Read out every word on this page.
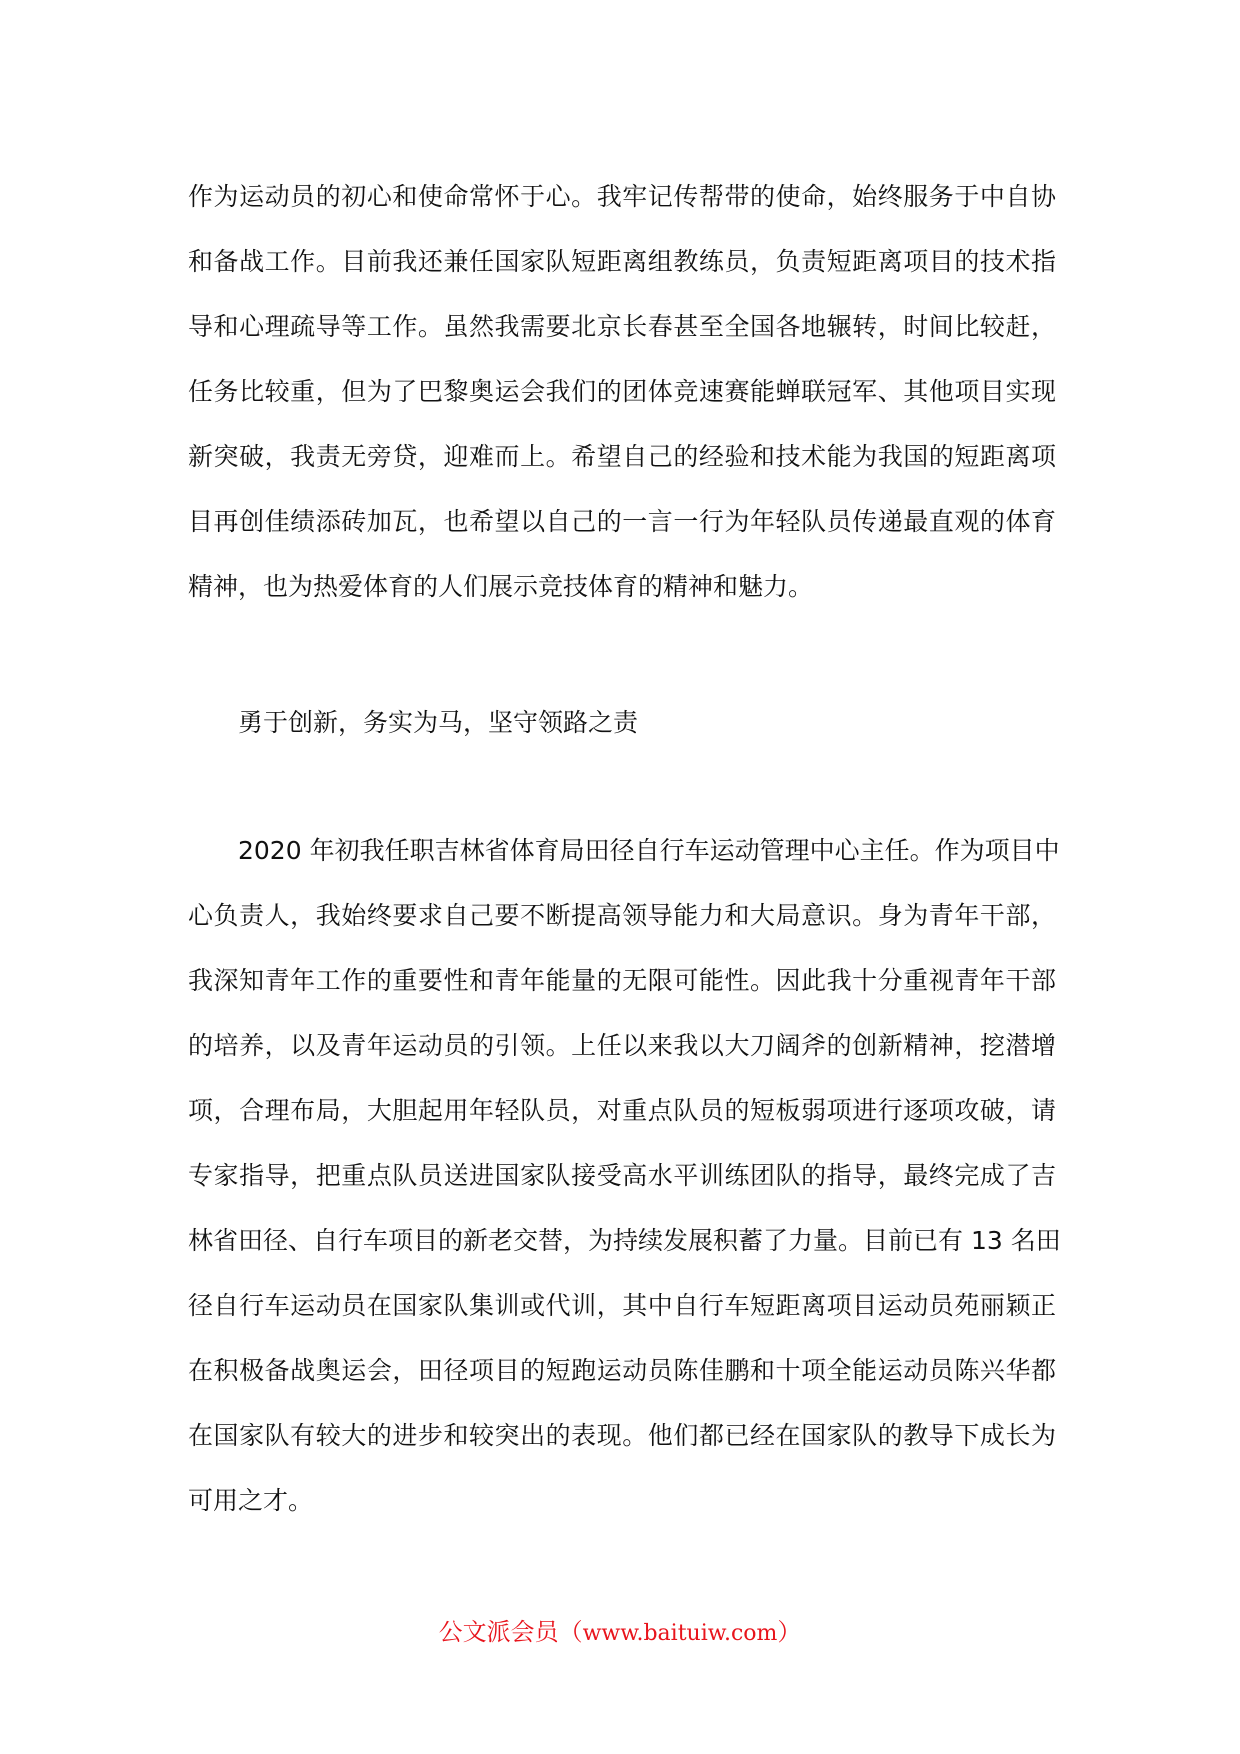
作为运动员的初心和使命常怀于心。我牢记传帮带的使命，始终服务于中自协
和备战工作。目前我还兼任国家队短距离组教练员，负责短距离项目的技术指
导和心理疏导等工作。虽然我需要北京长春甚至全国各地辗转，时间比较赶，
任务比较重，但为了巴黎奥运会我们的团体竞速赛能蝉联冠军、其他项目实现
新突破，我责无旁贷，迎难而上。希望自己的经验和技术能为我国的短距离项
目再创佳绩添砖加瓦，也希望以自己的一言一行为年轻队员传递最直观的体育
精神，也为热爱体育的人们展示竞技体育的精神和魅力。
勇于创新，务实为马，坚守领路之责
2020 年初我任职吉林省体育局田径自行车运动管理中心主任。作为项目中
心负责人，我始终要求自己要不断提高领导能力和大局意识。身为青年干部，
我深知青年工作的重要性和青年能量的无限可能性。因此我十分重视青年干部
的培养，以及青年运动员的引领。上任以来我以大刀阔斧的创新精神，挖潜增
项，合理布局，大胆起用年轻队员，对重点队员的短板弱项进行逐项攻破，请
专家指导，把重点队员送进国家队接受高水平训练团队的指导，最终完成了吉
林省田径、自行车项目的新老交替，为持续发展积蓄了力量。目前已有 13 名田
径自行车运动员在国家队集训或代训，其中自行车短距离项目运动员苑丽颖正
在积极备战奥运会，田径项目的短跑运动员陈佳鹏和十项全能运动员陈兴华都
在国家队有较大的进步和较突出的表现。他们都已经在国家队的教导下成长为
可用之才。
公文派会员（www.baituiw.com）
